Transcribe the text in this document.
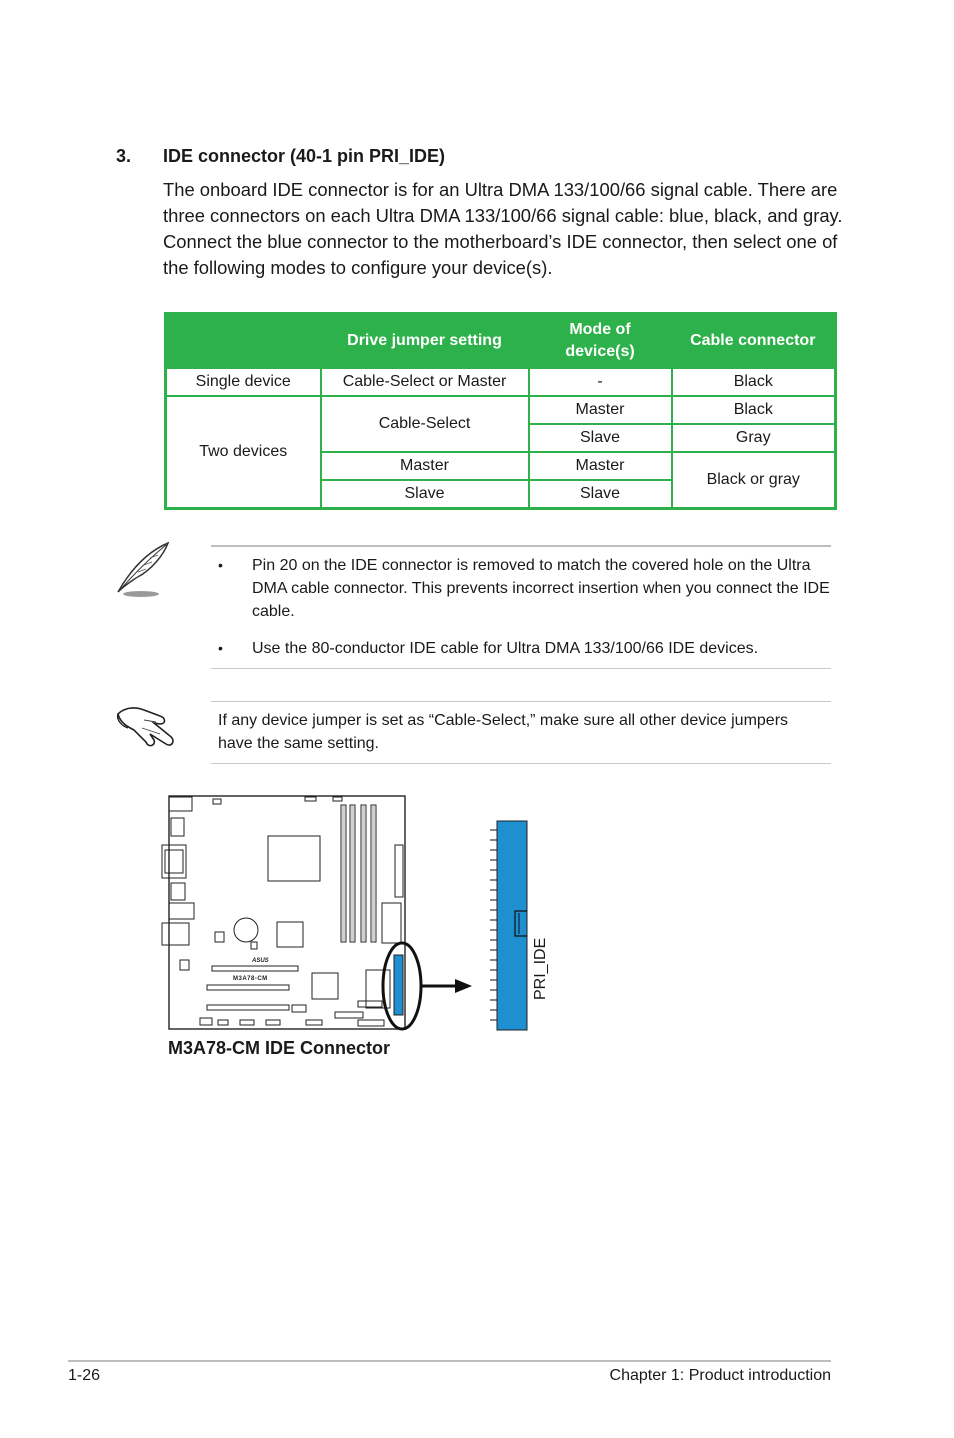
3. IDE connector (40-1 pin PRI_IDE)
The onboard IDE connector is for an Ultra DMA 133/100/66 signal cable. There are three connectors on each Ultra DMA 133/100/66 signal cable: blue, black, and gray. Connect the blue connector to the motherboard’s IDE connector, then select one of the following modes to configure your device(s).
	Drive jumper setting	Mode of device(s)	Cable connector
Single device	Cable-Select or Master	-	Black
Two devices	Cable-Select	Master	Black
		Slave	Gray
	Master	Master	Black or gray
	Slave	Slave	
• Pin 20 on the IDE connector is removed to match the covered hole on the Ultra DMA cable connector. This prevents incorrect insertion when you connect the IDE cable.
• Use the 80-conductor IDE cable for Ultra DMA 133/100/66 IDE devices.
If any device jumper is set as “Cable-Select,” make sure all other device jumpers have the same setting.
M3A78-CM
ASUS	PRI_IDE
M3A78-CM IDE Connector
1-26	Chapter 1: Product introduction
